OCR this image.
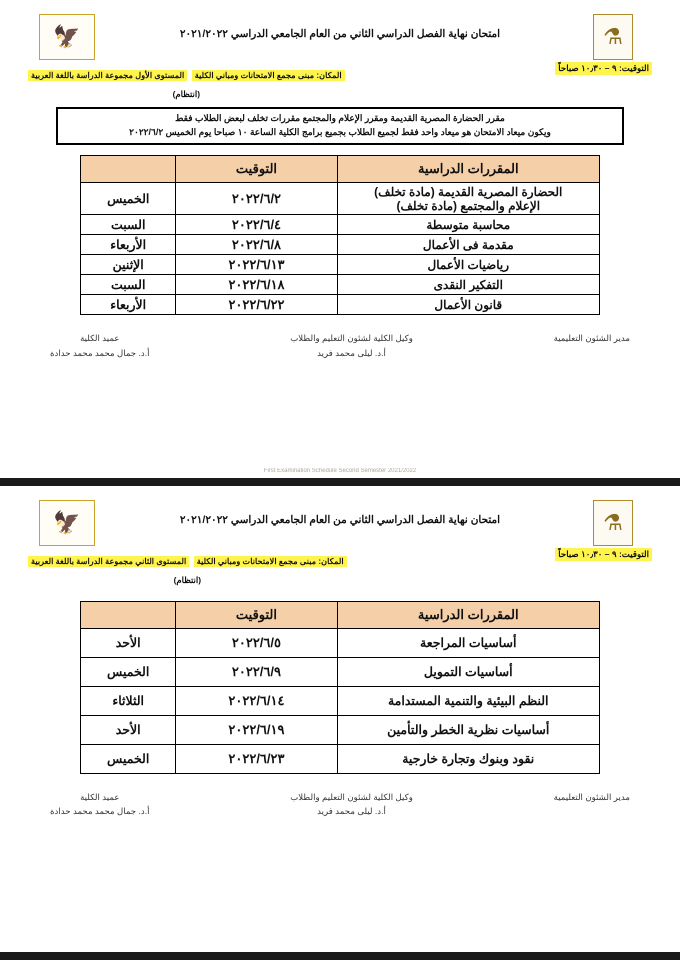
⚗
امتحان نهاية الفصل الدراسي الثاني من العام الجامعي الدراسي ٢٠٢١/٢٠٢٢
🦅
التوقيت: ٩ – ١٠٫٣٠ صباحاً
المكان: مبنى مجمع الامتحانات ومباني الكلية المستوى الأول مجموعة الدراسة باللغة العربية
(انتظام)
مقرر الحضارة المصرية القديمة ومقرر الإعلام والمجتمع مقررات تخلف لبعض الطلاب فقط
ويكون ميعاد الامتحان هو ميعاد واحد فقط لجميع الطلاب بجميع برامج الكلية الساعة ١٠ صباحا يوم الخميس ٢٠٢٢/٦/٢
المقررات الدراسية	التوقيت	

الحضارة المصرية القديمة (مادة تخلف)
الإعلام والمجتمع (مادة تخلف)	٢٠٢٢/٦/٢	الخميس
محاسبة متوسطة	٢٠٢٢/٦/٤	السبت
مقدمة فى الأعمال	٢٠٢٢/٦/٨	الأربعاء
رياضيات الأعمال	٢٠٢٢/٦/١٣	الإثنين
التفكير النقدى	٢٠٢٢/٦/١٨	السبت
قانون الأعمال	٢٠٢٢/٦/٢٢	الأربعاء
مدير الشئون التعليمية
وكيل الكلية لشئون التعليم والطلاب
أ.د. ليلى محمد فريد
عميد الكلية
أ.د. جمال محمد محمد حدادة
First Examination Schedule Second Semester 2021/2022
⚗
امتحان نهاية الفصل الدراسي الثاني من العام الجامعي الدراسي ٢٠٢١/٢٠٢٢
🦅
التوقيت: ٩ – ١٠٫٣٠ صباحاً
المكان: مبنى مجمع الامتحانات ومباني الكلية المستوى الثاني مجموعة الدراسة باللغة العربية
(انتظام)
المقررات الدراسية	التوقيت	
أساسيات المراجعة	٢٠٢٢/٦/٥	الأحد
أساسيات التمويل	٢٠٢٢/٦/٩	الخميس
النظم البيئية والتنمية المستدامة	٢٠٢٢/٦/١٤	الثلاثاء
أساسيات نظرية الخطر والتأمين	٢٠٢٢/٦/١٩	الأحد
نقود وبنوك وتجارة خارجية	٢٠٢٢/٦/٢٣	الخميس
مدير الشئون التعليمية
وكيل الكلية لشئون التعليم والطلاب
أ.د. ليلى محمد فريد
عميد الكلية
أ.د. جمال محمد محمد حدادة
